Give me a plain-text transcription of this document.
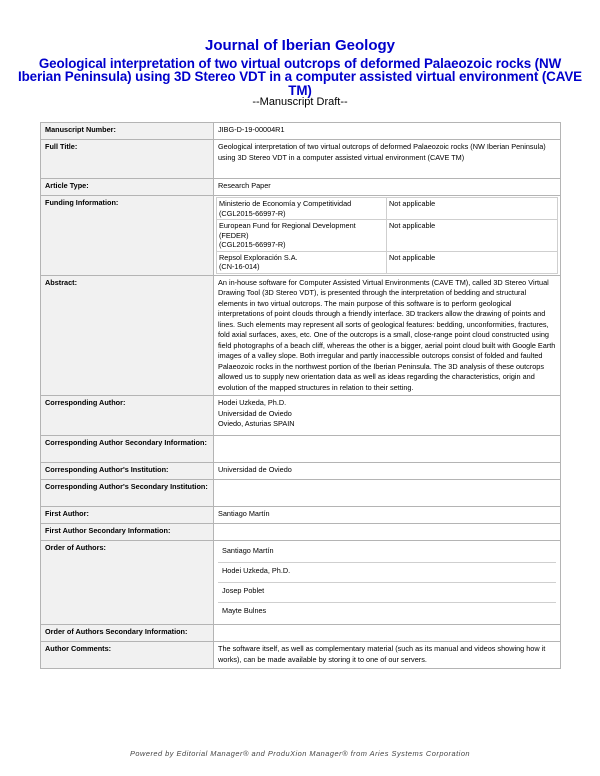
Journal of Iberian Geology
Geological interpretation of two virtual outcrops of deformed Palaeozoic rocks (NW Iberian Peninsula) using 3D Stereo VDT in a computer assisted virtual environment (CAVE TM)
--Manuscript Draft--
Manuscript Number:	JIBG-D-19-00004R1
Full Title:	Geological interpretation of two virtual outcrops of deformed Palaeozoic rocks (NW Iberian Peninsula) using 3D Stereo VDT in a computer assisted virtual environment (CAVE TM)
Article Type:	Research Paper
Funding Information:		Ministerio de Economía y Competitividad
(CGL2015-66997-R)	Not applicable
European Fund for Regional Development
(FEDER)
(CGL2015-66997-R)	Not applicable
Repsol Exploración S.A.
(CN-16-014)	Not applicable

Abstract:	An in-house software for Computer Assisted Virtual Environments (CAVE TM), called 3D Stereo Virtual Drawing Tool (3D Stereo VDT), is presented through the interpretation of bedding and structural elements in two virtual outcrops. The main purpose of this software is to perform geological interpretations of point clouds through a friendly interface. 3D trackers allow the drawing of points and lines. Such elements may represent all sorts of geological features: bedding, unconformities, fractures, fold axial surfaces, axes, etc. One of the outcrops is a small, close-range point cloud constructed using field photographs of a beach cliff, whereas the other is a bigger, aerial point cloud built with Google Earth images of a valley slope. Both irregular and partly inaccessible outcrops consist of folded and faulted Palaeozoic rocks in the northwest portion of the Iberian Peninsula. The 3D analysis of these outcrops allowed us to supply new orientation data as well as ideas regarding the characteristics, origin and evolution of the mapped structures in relation to their setting.
Corresponding Author:	Hodei Uzkeda, Ph.D.
Universidad de Oviedo
Oviedo, Asturias SPAIN

Corresponding Author Secondary Information:	
Corresponding Author's Institution:	Universidad de Oviedo
Corresponding Author's Secondary Institution:	
First Author:	Santiago Martín
First Author Secondary Information:	
Order of Authors:	Santiago Martín
Hodei Uzkeda, Ph.D.
Josep Poblet
Mayte Bulnes

Order of Authors Secondary Information:	
Author Comments:	The software itself, as well as complementary material (such as its manual and videos showing how it works), can be made available by storing it to one of our servers.
Powered by Editorial Manager® and ProduXion Manager® from Aries Systems Corporation
